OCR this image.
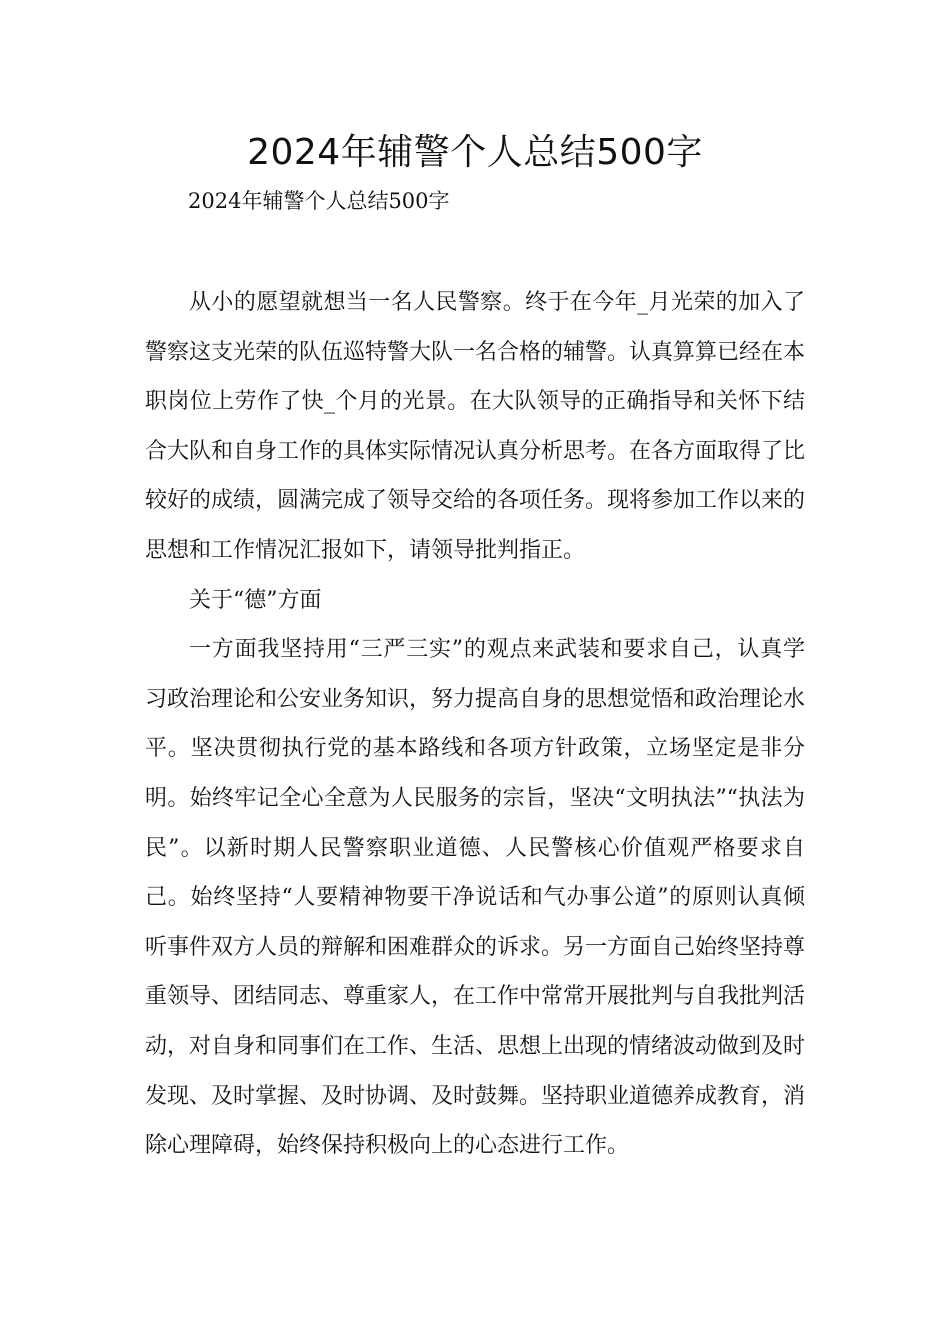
2024年辅警个人总结500字

2024年辅警个人总结500字

从小的愿望就想当一名人民警察。终于在今年_月光荣的加入了警察这支光荣的队伍巡特警大队一名合格的辅警。认真算算已经在本职岗位上劳作了快_个月的光景。在大队领导的正确指导和关怀下结合大队和自身工作的具体实际情况认真分析思考。在各方面取得了比较好的成绩，圆满完成了领导交给的各项任务。现将参加工作以来的思想和工作情况汇报如下，请领导批判指正。

关于“德”方面

一方面我坚持用“三严三实”的观点来武装和要求自己，认真学习政治理论和公安业务知识，努力提高自身的思想觉悟和政治理论水平。坚决贯彻执行党的基本路线和各项方针政策，立场坚定是非分明。始终牢记全心全意为人民服务的宗旨，坚决“文明执法”“执法为民”。以新时期人民警察职业道德、人民警核心价值观严格要求自己。始终坚持“人要精神物要干净说话和气办事公道”的原则认真倾听事件双方人员的辩解和困难群众的诉求。另一方面自己始终坚持尊重领导、团结同志、尊重家人，在工作中常常开展批判与自我批判活动，对自身和同事们在工作、生活、思想上出现的情绪波动做到及时发现、及时掌握、及时协调、及时鼓舞。坚持职业道德养成教育，消除心理障碍，始终保持积极向上的心态进行工作。
